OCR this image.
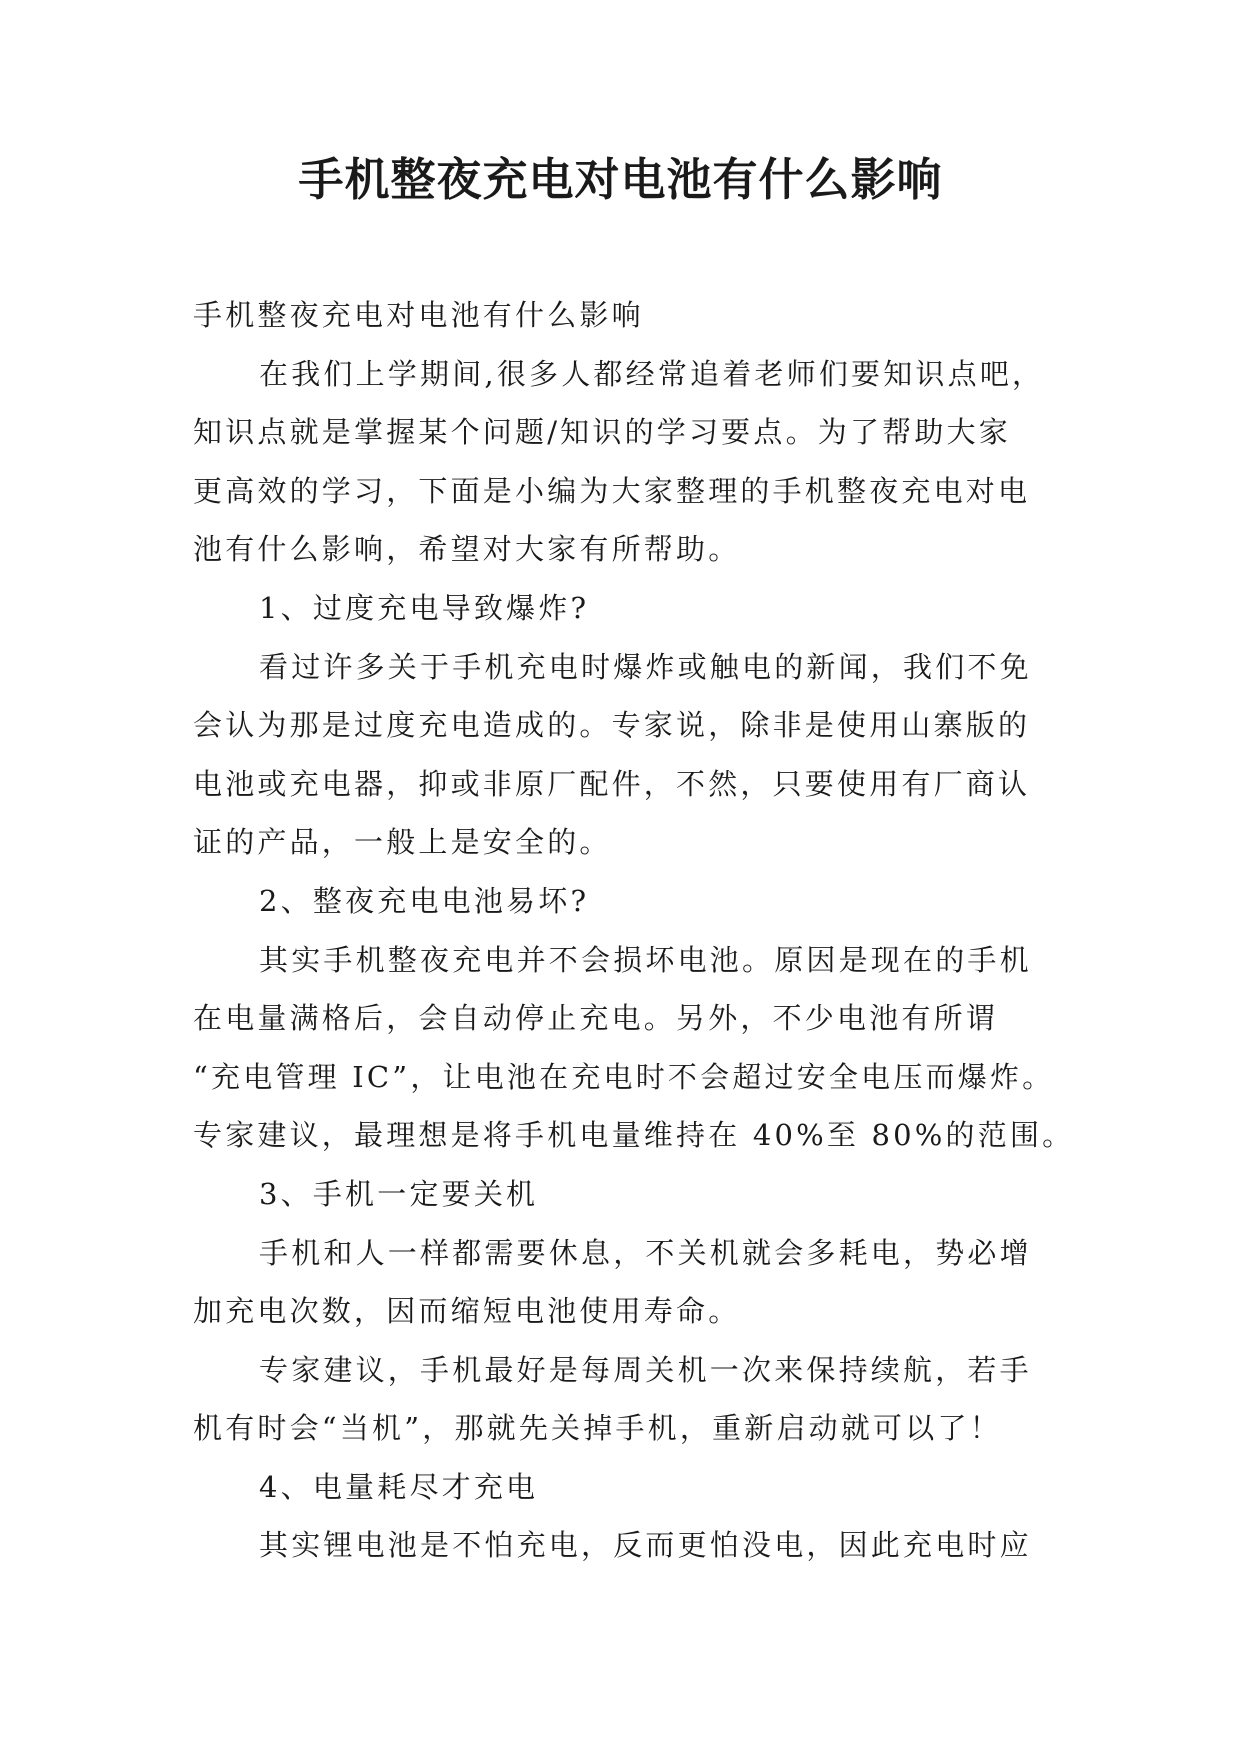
手机整夜充电对电池有什么影响

手机整夜充电对电池有什么影响

在我们上学期间,很多人都经常追着老师们要知识点吧，

知识点就是掌握某个问题/知识的学习要点。为了帮助大家

更高效的学习，下面是小编为大家整理的手机整夜充电对电

池有什么影响，希望对大家有所帮助。

1、过度充电导致爆炸?

看过许多关于手机充电时爆炸或触电的新闻，我们不免

会认为那是过度充电造成的。专家说，除非是使用山寨版的

电池或充电器，抑或非原厂配件，不然，只要使用有厂商认

证的产品，一般上是安全的。

2、整夜充电电池易坏?

其实手机整夜充电并不会损坏电池。原因是现在的手机

在电量满格后，会自动停止充电。另外，不少电池有所谓

“充电管理 IC”，让电池在充电时不会超过安全电压而爆炸。

专家建议，最理想是将手机电量维持在 40%至 80%的范围。

3、手机一定要关机

手机和人一样都需要休息，不关机就会多耗电，势必增

加充电次数，因而缩短电池使用寿命。

专家建议，手机最好是每周关机一次来保持续航，若手

机有时会“当机”，那就先关掉手机，重新启动就可以了！

4、电量耗尽才充电

其实锂电池是不怕充电，反而更怕没电，因此充电时应
